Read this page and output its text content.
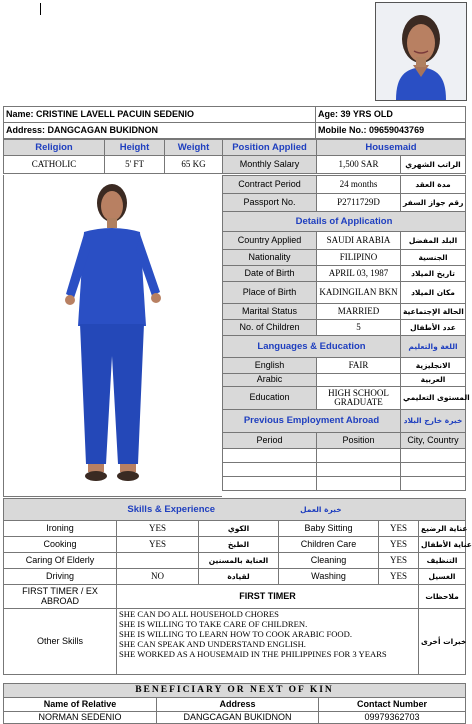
Name: CRISTINE LAVELL PACUIN SEDENIO	Age: 39 YRS OLD
Address: DANGCAGAN BUKIDNON	Mobile No.: 09659043769
Religion	Height	Weight	Position Applied	Housemaid	
CATHOLIC	5' FT	65 KG	Monthly Salary	1,500 SAR	الراتب الشهري
Contract Period	24 months	مدة العقد
Passport No.	P2711729D	رقم جواز السفر
Details of Application		
Country Applied	SAUDI ARABIA	البلد المفضل
Nationality	FILIPINO	الجنسية
Date of Birth	APRIL 03, 1987	تاريخ الميلاد
Place of Birth	KADINGILAN BKN	مكان الميلاد
Marital Status	MARRIED	الحالة الإجتماعية
No. of Children	5	عدد الأطفال
Languages & Education		اللغة والتعليم
English	FAIR	الانجليزية
Arabic		العربية
Education	HIGH SCHOOL GRADUATE	المستوى التعليمي
Previous Employment Abroad		خبرة خارج البلاد
Period	Position	City, Country

Skills & Experience خبرة العمل					
Ironing	YES	الكوي	Baby Sitting	YES	عناية الرضيع
Cooking	YES	الطبخ	Children Care	YES	عناية الأطفال
Caring Of Elderly		العناية بالمسنين	Cleaning	YES	التنظيف
Driving	NO	لقيادة	Washing	YES	الغسيل
FIRST TIMER / EX ABROAD	FIRST TIMER				ملاحظات
Other Skills	SHE CAN DO ALL HOUSEHOLD CHORES
SHE IS WILLING TO TAKE CARE OF CHILDREN.
SHE IS WILLING TO LEARN HOW TO COOK ARABIC FOOD.
SHE CAN SPEAK AND UNDERSTAND ENGLISH.
SHE WORKED AS A HOUSEMAID IN THE PHILIPPINES FOR 3 YEARS				خبرات أخرى
BENEFICIARY OR NEXT OF KIN		
Name of Relative	Address	Contact Number
NORMAN SEDENIO	DANGCAGAN BUKIDNON	09979362703
